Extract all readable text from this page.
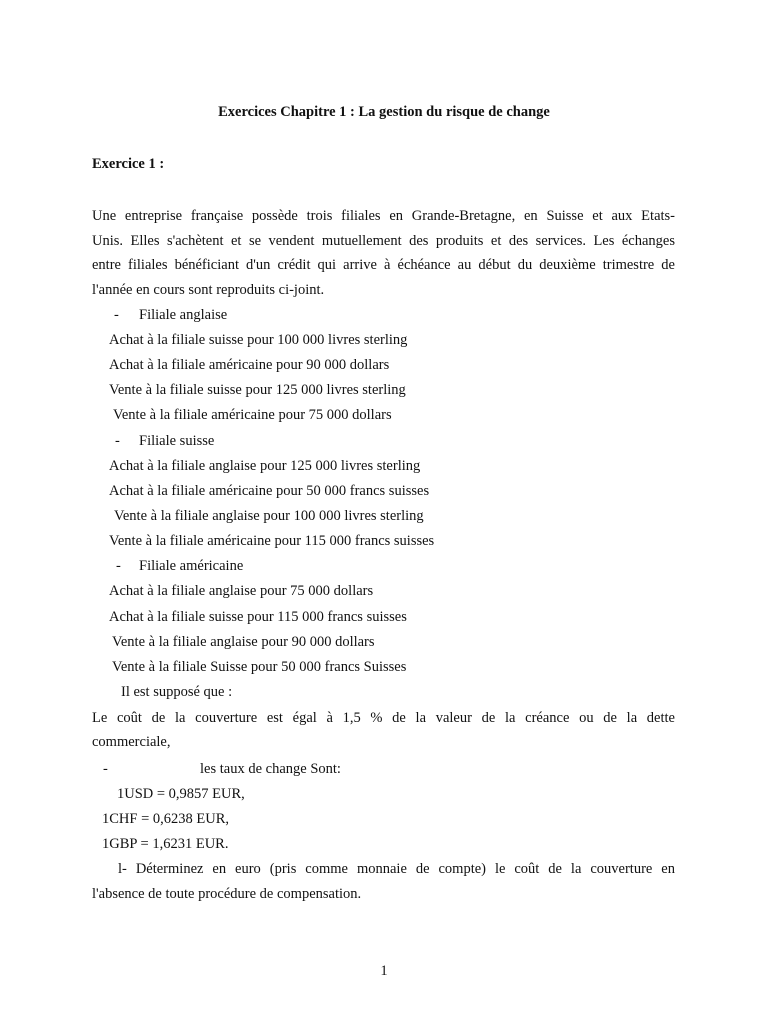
Exercices Chapitre 1 : La gestion du risque de change
Exercice 1 :
Une entreprise française possède trois filiales en Grande-Bretagne, en Suisse et aux Etats-
Unis. Elles s'achètent et se vendent mutuellement des produits et des services. Les échanges
entre filiales bénéficiant d'un crédit qui arrive à échéance au début du deuxième trimestre de
l'année en cours sont reproduits ci-joint.
- Filiale anglaise
Achat à la filiale suisse pour 100 000 livres sterling
Achat à la filiale américaine pour 90 000 dollars
Vente à la filiale suisse pour 125 000 livres sterling
Vente à la filiale américaine pour 75 000 dollars
- Filiale suisse
Achat à la filiale anglaise pour 125 000 livres sterling
Achat à la filiale américaine pour 50 000 francs suisses
Vente à la filiale anglaise pour 100 000 livres sterling
Vente à la filiale américaine pour 115 000 francs suisses
- Filiale américaine
Achat à la filiale anglaise pour 75 000 dollars
Achat à la filiale suisse pour 115 000 francs suisses
Vente à la filiale anglaise pour 90 000 dollars
Vente à la filiale Suisse pour 50 000 francs Suisses
Il est supposé que :
Le coût de la couverture est égal à 1,5 % de la valeur de la créance ou de la dette
commerciale,
-	les taux de change Sont:
1USD = 0,9857 EUR,
1CHF = 0,6238 EUR,
1GBP = 1,6231 EUR.
l- Déterminez en euro (pris comme monnaie de compte) le coût de la couverture en
l'absence de toute procédure de compensation.
1
